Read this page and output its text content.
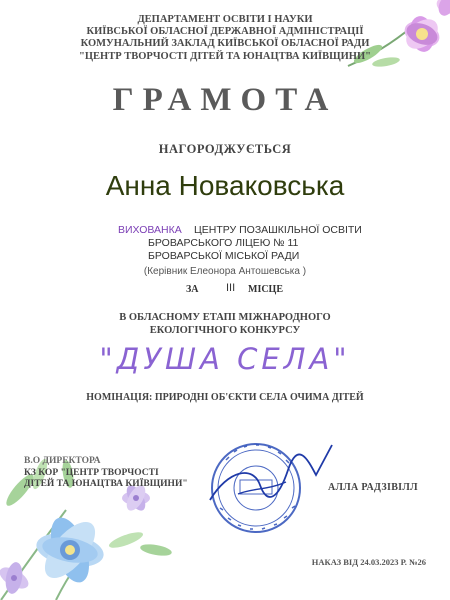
ДЕПАРТАМЕНТ ОСВІТИ І НАУКИ
КИЇВСЬКОЇ ОБЛАСНОЇ ДЕРЖАВНОЇ АДМІНІСТРАЦІЇ
КОМУНАЛЬНИЙ ЗАКЛАД КИЇВСЬКОЇ ОБЛАСНОЇ РАДИ
"ЦЕНТР ТВОРЧОСТІ ДІТЕЙ ТА ЮНАЦТВА КИЇВЩИНИ"
ГРАМОТА
НАГОРОДЖУЄТЬСЯ
Анна Новаковська
ВИХОВАНКА	ЦЕНТРУ ПОЗАШКІЛЬНОЇ ОСВІТИ
БРОВАРСЬКОГО ЛІЦЕЮ № 11
БРОВАРСЬКОЇ МІСЬКОЇ РАДИ
(Керівник Елеонора Антошевська )
ЗА	III МІСЦЕ
В ОБЛАСНОМУ ЕТАПІ МІЖНАРОДНОГО
ЕКОЛОГІЧНОГО КОНКУРСУ
"ДУША СЕЛА"
НОМІНАЦІЯ: ПРИРОДНІ ОБ'ЄКТИ СЕЛА ОЧИМА ДІТЕЙ
В.О ДИРЕКТОРА
КЗ КОР "ЦЕНТР ТВОРЧОСТІ
ДІТЕЙ ТА ЮНАЦТВА КИЇВЩИНИ"	АЛЛА РАДЗІВІЛЛ
НАКАЗ ВІД 24.03.2023 Р. №26
